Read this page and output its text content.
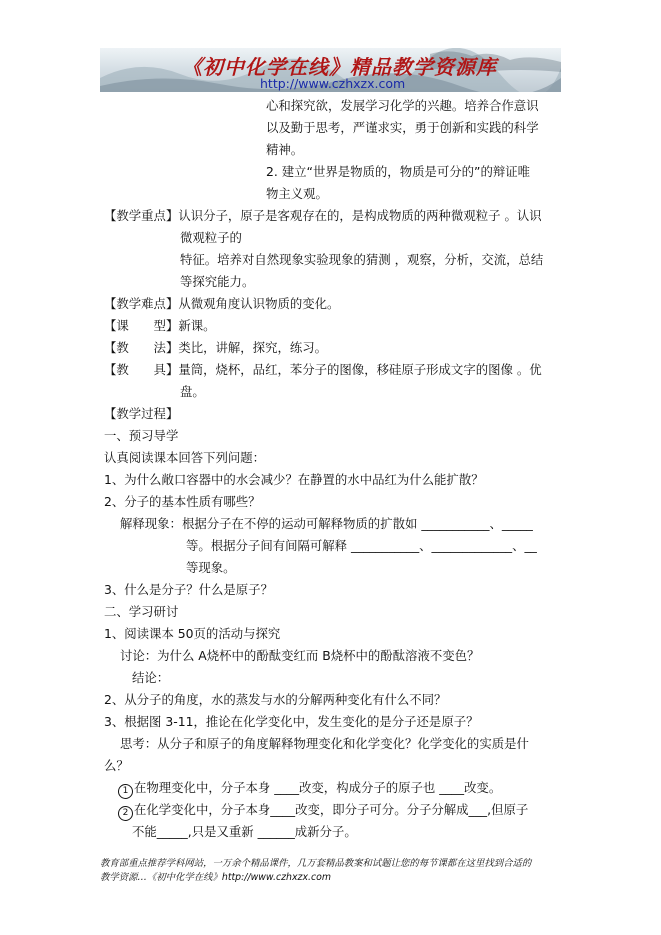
《初中化学在线》精品教学资源库
http://www.czhxzx.com
心和探究欲，发展学习化学的兴趣。培养合作意识
以及勤于思考，严谨求实，勇于创新和实践的科学
精神。
2. 建立“世界是物质的，物质是可分的”的辩证唯
物主义观。
【教学重点】认识分子，原子是客观存在的，是构成物质的两种微观粒子 。认识
微观粒子的
特征。培养对自然现象实验现象的猜测 ，观察，分析，交流，总结
等探究能力。
【教学难点】从微观角度认识物质的变化。
【课　　型】新课。
【教　　法】类比，讲解，探究，练习。
【教　　具】量筒，烧杯，品红，苯分子的图像，移硅原子形成文字的图像 。优
盘。
【教学过程】
一、预习导学
认真阅读课本回答下列问题：
1、为什么敞口容器中的水会减少？在静置的水中品红为什么能扩散？
2、分子的基本性质有哪些？
解释现象：根据分子在不停的运动可解释物质的扩散如 ___________、_____
等。根据分子间有间隔可解释 ___________、_____________、__
等现象。
3、什么是分子？什么是原子？
二、学习研讨
1、阅读课本 50页的活动与探究
讨论：为什么 A烧杯中的酚酞变红而 B烧杯中的酚酞溶液不变色？
结论：
2、从分子的角度，水的蒸发与水的分解两种变化有什么不同？
3、根据图 3-11，推论在化学变化中，发生变化的是分子还是原子？
思考：从分子和原子的角度解释物理变化和化学变化？化学变化的实质是什
么？
1 在物理变化中，分子本身 ____改变，构成分子的原子也 ____改变。
2 在化学变化中，分子本身____改变，即分子可分。分子分解成___,但原子
不能_____,只是又重新 ______成新分子。
教育部重点推荐学科网站，一万余个精品课件，几万套精品教案和试题让您的每节课都在这里找到合适的
教学资源…《初中化学在线》http://www.czhxzx.com
